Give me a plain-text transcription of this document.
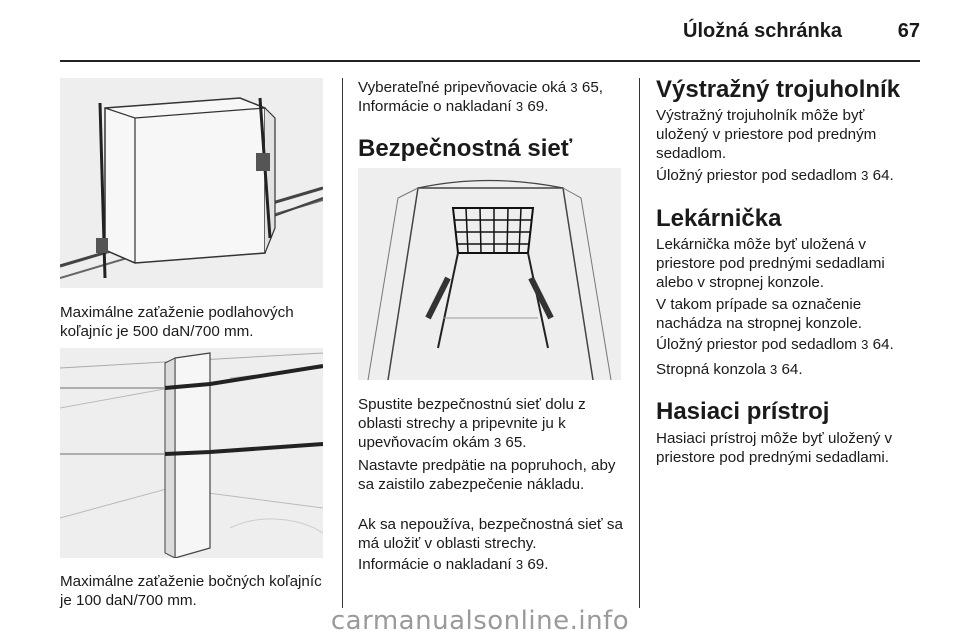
Úložná schránka	67

Maximálne zaťaženie podlahových koľajníc je 500 daN/700 mm.

Maximálne zaťaženie bočných koľajníc je 100 daN/700 mm.

Vyberateľné pripevňovacie oká 3 65,
Informácie o nakladaní 3 69.

Bezpečnostná sieť

Spustite bezpečnostnú sieť dolu z oblasti strechy a pripevnite ju k upevňovacím okám 3 65.

Nastavte predpätie na popruhoch, aby sa zaistilo zabezpečenie nákladu.

Ak sa nepoužíva, bezpečnostná sieť sa má uložiť v oblasti strechy.

Informácie o nakladaní 3 69.

Výstražný trojuholník

Výstražný trojuholník môže byť uložený v priestore pod predným sedadlom.

Úložný priestor pod sedadlom 3 64.

Lekárnička

Lekárnička môže byť uložená v priestore pod prednými sedadlami alebo v stropnej konzole.

V takom prípade sa označenie nachádza na stropnej konzole.

Úložný priestor pod sedadlom 3 64.

Stropná konzola 3 64.

Hasiaci prístroj

Hasiaci prístroj môže byť uložený v priestore pod prednými sedadlami.

carmanualsonline.info
